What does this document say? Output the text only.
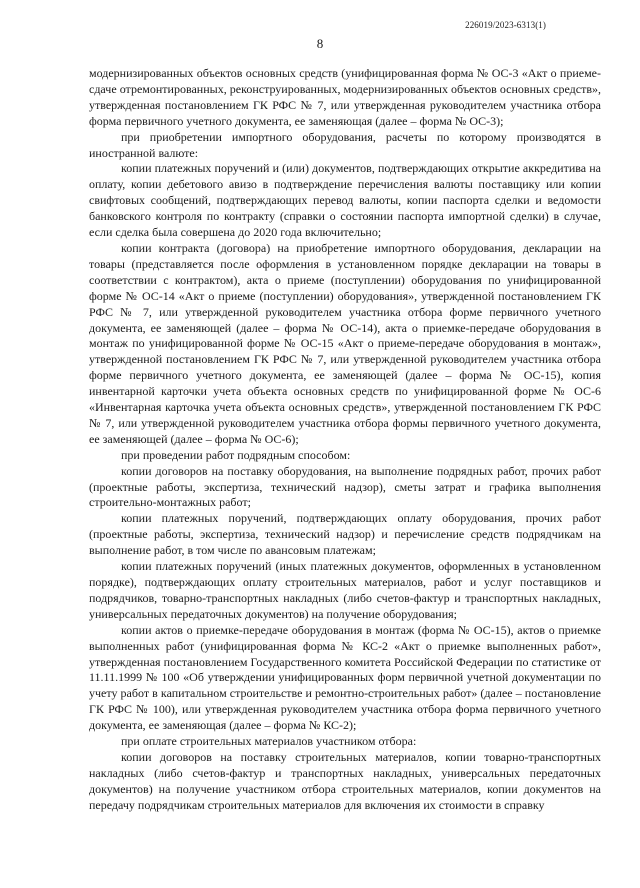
226019/2023-6313(1)
8

модернизированных объектов основных средств (унифицированная форма № ОС-3 «Акт о приеме-сдаче отремонтированных, реконструированных, модернизированных объектов основных средств», утвержденная постановлением ГК РФС № 7, или утвержденная руководителем участника отбора форма первичного учетного документа, ее заменяющая (далее – форма № ОС-3);

при приобретении импортного оборудования, расчеты по которому производятся в иностранной валюте:

копии платежных поручений и (или) документов, подтверждающих открытие аккредитива на оплату, копии дебетового авизо в подтверждение перечисления валюты поставщику или копии свифтовых сообщений, подтверждающих перевод валюты, копии паспорта сделки и ведомости банковского контроля по контракту (справки о состоянии паспорта импортной сделки) в случае, если сделка была совершена до 2020 года включительно;

копии контракта (договора) на приобретение импортного оборудования, декларации на товары (представляется после оформления в установленном порядке декларации на товары в соответствии с контрактом), акта о приеме (поступлении) оборудования по унифицированной форме № ОС-14 «Акт о приеме (поступлении) оборудования», утвержденной постановлением ГК РФС № 7, или утвержденной руководителем участника отбора форме первичного учетного документа, ее заменяющей (далее – форма № ОС-14), акта о приемке-передаче оборудования в монтаж по унифицированной форме № ОС-15 «Акт о приеме-передаче оборудования в монтаж», утвержденной постановлением ГК РФС № 7, или утвержденной руководителем участника отбора форме первичного учетного документа, ее заменяющей (далее – форма № ОС-15), копия инвентарной карточки учета объекта основных средств по унифицированной форме № ОС-6 «Инвентарная карточка учета объекта основных средств», утвержденной постановлением ГК РФС № 7, или утвержденной руководителем участника отбора формы первичного учетного документа, ее заменяющей (далее – форма № ОС-6);

при проведении работ подрядным способом:

копии договоров на поставку оборудования, на выполнение подрядных работ, прочих работ (проектные работы, экспертиза, технический надзор), сметы затрат и графика выполнения строительно-монтажных работ;

копии платежных поручений, подтверждающих оплату оборудования, прочих работ (проектные работы, экспертиза, технический надзор) и перечисление средств подрядчикам на выполнение работ, в том числе по авансовым платежам;

копии платежных поручений (иных платежных документов, оформленных в установленном порядке), подтверждающих оплату строительных материалов, работ и услуг поставщиков и подрядчиков, товарно-транспортных накладных (либо счетов-фактур и транспортных накладных, универсальных передаточных документов) на получение оборудования;

копии актов о приемке-передаче оборудования в монтаж (форма № ОС-15), актов о приемке выполненных работ (унифицированная форма № КС-2 «Акт о приемке выполненных работ», утвержденная постановлением Государственного комитета Российской Федерации по статистике от 11.11.1999 № 100 «Об утверждении унифицированных форм первичной учетной документации по учету работ в капитальном строительстве и ремонтно-строительных работ» (далее – постановление ГК РФС № 100), или утвержденная руководителем участника отбора форма первичного учетного документа, ее заменяющая (далее – форма № КС-2);

при оплате строительных материалов участником отбора:

копии договоров на поставку строительных материалов, копии товарно-транспортных накладных (либо счетов-фактур и транспортных накладных, универсальных передаточных документов) на получение участником отбора строительных материалов, копии документов на передачу подрядчикам строительных материалов для включения их стоимости в справку
